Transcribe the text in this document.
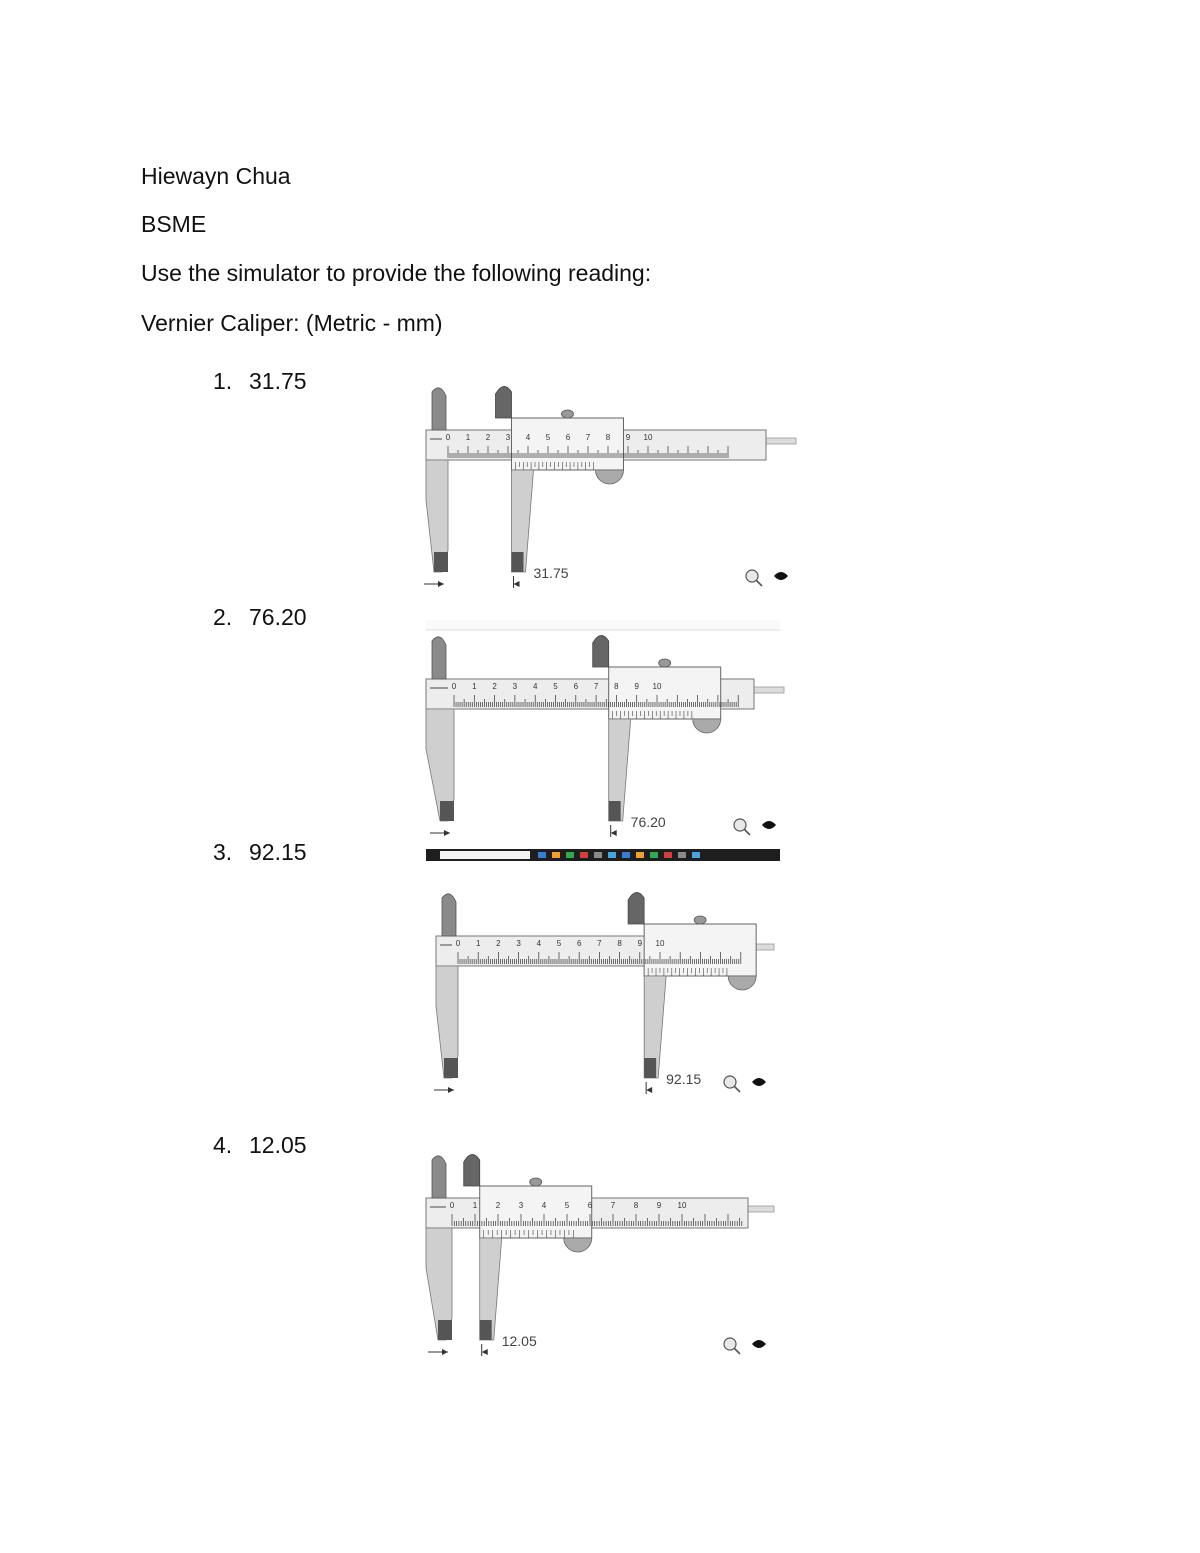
Hiewayn Chua
BSME
Use the simulator to provide the following reading:
Vernier Caliper: (Metric - mm)
1. 31.75
2. 76.20
3. 92.15
4. 12.05
0 1 2 3 4 5 6 7 8 9 10
31.75
0 1 2 3 4 5 6 7 8 9 10
76.20
0 1 2 3 4 5 6 7 8 9 10
92.15
0 1 2 3 4 5 6 7 8 9 10
12.05
